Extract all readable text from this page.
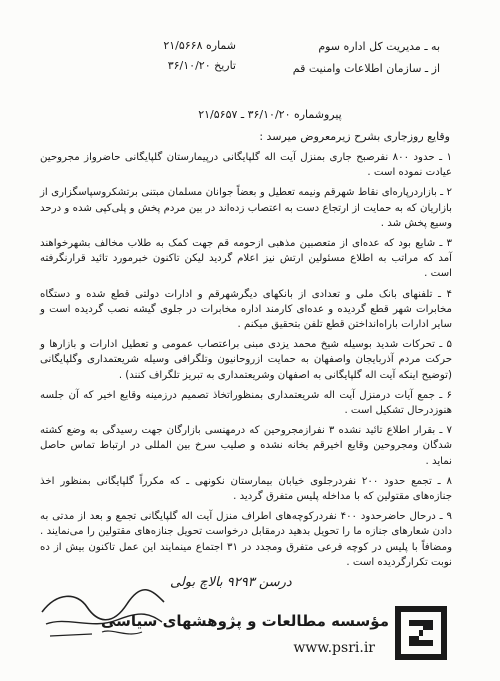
شماره ۲۱/۵۶۶۸
تاریخ ۳۶/۱۰/۲۰
به ـ مدیریت کل اداره سوم
از ـ سازمان اطلاعات وامنیت قم
پیروشماره ۳۶/۱۰/۲۰ ـ ۲۱/۵۶۵۷
وقایع روزجاری بشرح زیرمعروض میرسد :

۱ ـ حدود ۸۰۰ نفرصبح جاری بمنزل آیت اله گلپایگانی درپیمارستان گلپایگانی حاضرواز مجروحین عیادت نموده است .

۲ ـ بازاردرپاره‌ای نقاط شهرقم ونیمه تعطیل و بعضاً جوانان مسلمان مبتنی برتشکروسپاسگزاری از بازاریان که به حمایت از ارتجاع دست به اعتصاب زده‌اند در بین مردم پخش و پلی‌کپی شده و درحد وسیع پخش شد .

۳ ـ شایع بود که عده‌ای از متعصبین مذهبی ازحومه قم جهت کمک به طلاب مخالف بشهرخواهند آمد که مراتب به اطلاع مسئولین ارتش نیز اعلام گردید لیکن تاکنون خبرمورد تائید قرارنگرفته است .

۴ ـ تلفنهای بانک ملی و تعدادی از بانکهای دیگرشهرقم و ادارات دولتی قطع شده و دستگاه مخابرات شهر قطع گردیده و عده‌ای کارمند اداره مخابرات در جلوی گیشه نصب گردیده است و سایر ادارات باراه‌انداختن قطع تلفن بتحقیق میکنم .

۵ ـ تحرکات شدید بوسیله شیخ محمد یزدی مبنی براعتصاب عمومی و تعطیل ادارات و بازارها و حرکت مردم آذربایجان واصفهان به حمایت ازروحانیون وتلگرافی وسیله شریعتمداری وگلپایگانی (توضیح اینکه آیت اله گلپایگانی به اصفهان وشریعتمداری به تبریز تلگراف کنند) .

۶ ـ جمع آیات درمنزل آیت اله شریعتمداری بمنظوراتخاذ تصمیم درزمینه وقایع اخیر که آن جلسه هنوزدرحال تشکیل است .

۷ ـ بقرار اطلاع تائید نشده ۳ نفرازمجروحین که درمهنسی بازارگان جهت رسیدگی به وضع کشته شدگان ومجروحین وقایع اخیرقم بخانه نشده و صلیب سرخ بین المللی در ارتباط تماس حاصل نماید .

۸ ـ تجمع حدود ۲۰۰ نفردرجلوی خیابان بیمارستان نکونهی ـ که مکرراً گلپایگانی بمنظور اخذ جنازه‌های مقتولین که با مداخله پلیس متفرق گردید .

۹ ـ درحال حاضرحدود ۴۰۰ نفردرکوچه‌های اطراف منزل آیت اله گلپایگانی تجمع و بعد از مدتی به دادن شعارهای جنازه ما را تحویل بدهید درمقابل درخواست تحویل جنازه‌های مقتولین را می‌نمایند . ومضافاً با پلیس در کوچه فرعی متفرق ومجدد در ۳۱ اجتماع مینمایند این عمل تاکنون بیش از ده نوبت تکرارگردیده است .

درسن ۹۲۹۳ بالاچ بولی
مؤسسه مطالعات و پژوهشهای سیاسی
www.psri.ir
